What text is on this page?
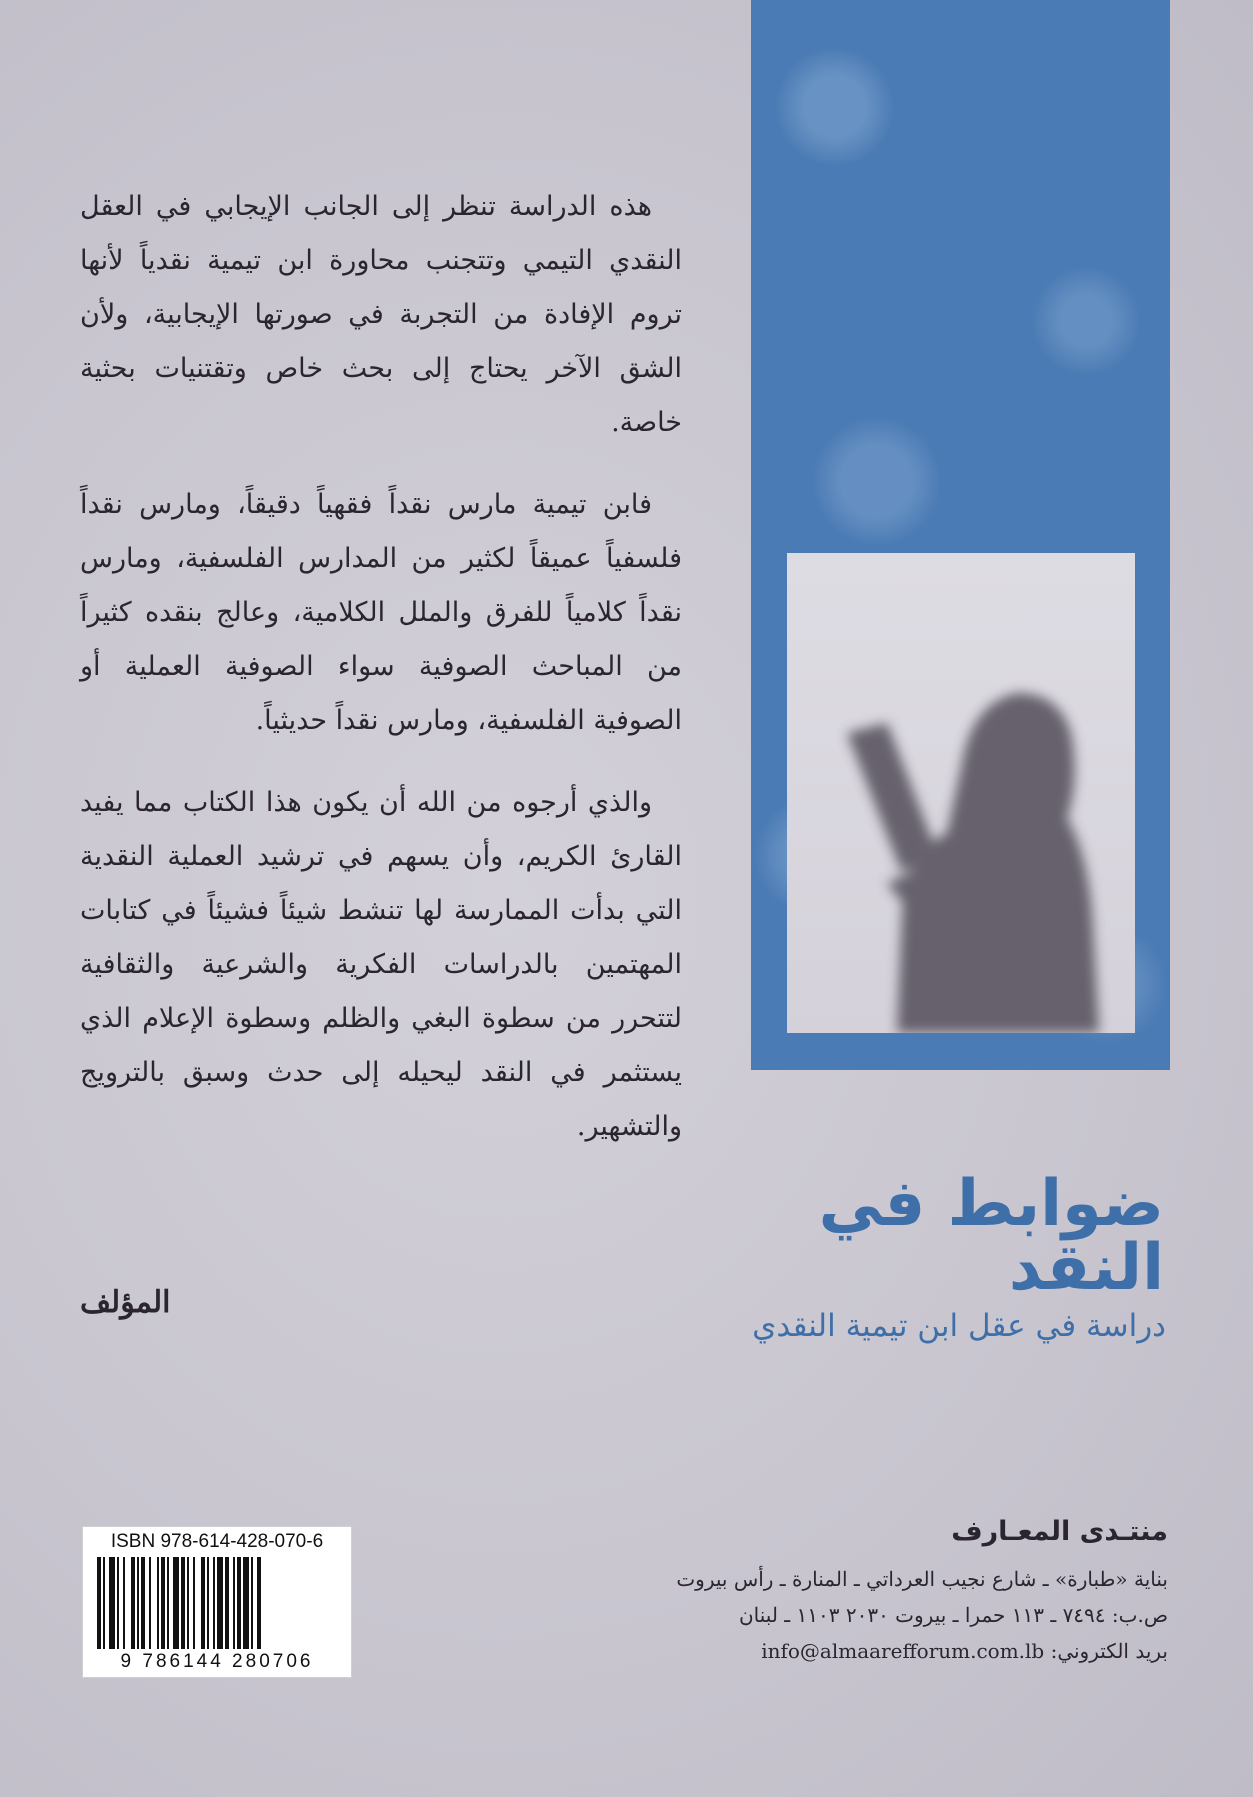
هذه الدراسة تنظر إلى الجانب الإيجابي في العقل النقدي التيمي وتتجنب محاورة ابن تيمية نقدياً لأنها تروم الإفادة من التجربة في صورتها الإيجابية، ولأن الشق الآخر يحتاج إلى بحث خاص وتقتنيات بحثية خاصة.

فابن تيمية مارس نقداً فقهياً دقيقاً، ومارس نقداً فلسفياً عميقاً لكثير من المدارس الفلسفية، ومارس نقداً كلامياً للفرق والملل الكلامية، وعالج بنقده كثيراً من المباحث الصوفية سواء الصوفية العملية أو الصوفية الفلسفية، ومارس نقداً حديثياً.

والذي أرجوه من الله أن يكون هذا الكتاب مما يفيد القارئ الكريم، وأن يسهم في ترشيد العملية النقدية التي بدأت الممارسة لها تنشط شيئاً فشيئاً في كتابات المهتمين بالدراسات الفكرية والشرعية والثقافية لتتحرر من سطوة البغي والظلم وسطوة الإعلام الذي يستثمر في النقد ليحيله إلى حدث وسبق بالترويج والتشهير.

المؤلف
ضوابط في النقد
دراسة في عقل ابن تيمية النقدي
منتـدى المعـارف
بناية «طبارة» ـ شارع نجيب العرداتي ـ المنارة ـ رأس بيروت
ص.ب: ٧٤٩٤ ـ ١١٣ حمرا ـ بيروت ٢٠٣٠ ١١٠٣ ـ لبنان
بريد الكتروني: info@almaarefforum.com.lb
ISBN 978-614-428-070-6
9 786144 280706
